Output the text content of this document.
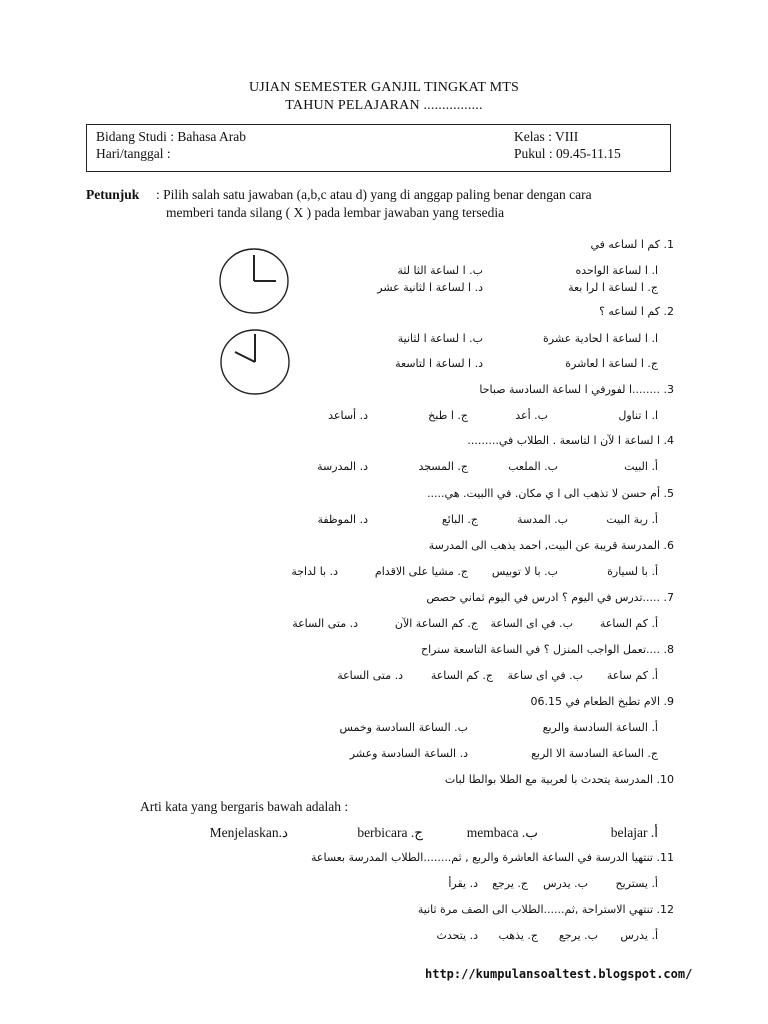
UJIAN SEMESTER GANJIL TINGKAT MTS
TAHUN PELAJARAN ................
Bidang Studi : Bahasa Arab
Hari/tanggal :
Kelas : VIII
Pukul : 09.45-11.15
Petunjuk : Pilih salah satu jawaban (a,b,c atau d) yang di anggap paling benar dengan cara
memberi tanda silang ( X ) pada lembar jawaban yang tersedia
1. كم ا لساعه في
ا. ا لساعة الواحده
ب. ا لساعة الثا لثة
ج. ا لساعة ا لرا بعة
د. ا لساعة ا لثانية عشر
2. كم ا لساعه ؟
ا. ا لساعة ا لحادية عشرة
ب. ا لساعة ا لثانية
ج. ا لساعة ا لعاشرة
د. ا لساعة ا لتاسعة
3. ........ا لفورفي ا لساعة السادسة صباحا
ا. ا تناول
ب. أعد
ج. ا طبخ
د. أساعد
4. ا لساعة ا لآن ا لتاسعة . الطلاب في.........
أ. البيت
ب. الملعب
ج. المسجد
د. المدرسة
5. أم حسن لا تذهب الى ا ي مكان. في االبيت. هي.....
أ. ربة البيت
ب. المدسة
ج. البائع
د. الموظفة
6. المدرسة قريبة عن البيت, احمد يذهب الى المدرسة
أ. با لسيارة
ب. با لا توبيس
ج. مشيا على الاقدام
د. با لداجة
7. .....تدرس في اليوم ؟ ادرس في اليوم ثماني حصص
أ. كم الساعة
ب. في اى الساعة
ج. كم الساعة الآن
د. متى الساعة
8. ....تعمل الواجب المنزل ؟ في الساعة التاسعة سنراح
أ. كم ساعة
ب. في اى ساعة
ج. كم الساعة
د. متى الساعة
9. الام تطبخ الطعام في 06.15
أ. الساعة السادسة والربع
ب. الساعة السادسة وخمس
ج. الساعة السادسة الا الربع
د. الساعة السادسة وعشر
10. المدرسة يتحدث با لعربية مع الطلا بوالطا لبات
Arti kata yang bergaris bawah adalah :
أ. belajar
ب. membaca
ج. berbicara
د.Menjelaskan
11. تنتهيا الدرسة في الساعة العاشرة والربع , ثم........الطلاب المدرسة بعساعة
أ. يستريح
ب. يدرس
ج. يرجع
د. يقرأ
12. تنتهي الاستراحة ,ثم......الطلاب الى الصف مرة ثانية
أ. يدرس
ب. يرجع
ج. يذهب
د. يتحدث
http://kumpulansoaltest.blogspot.com/
